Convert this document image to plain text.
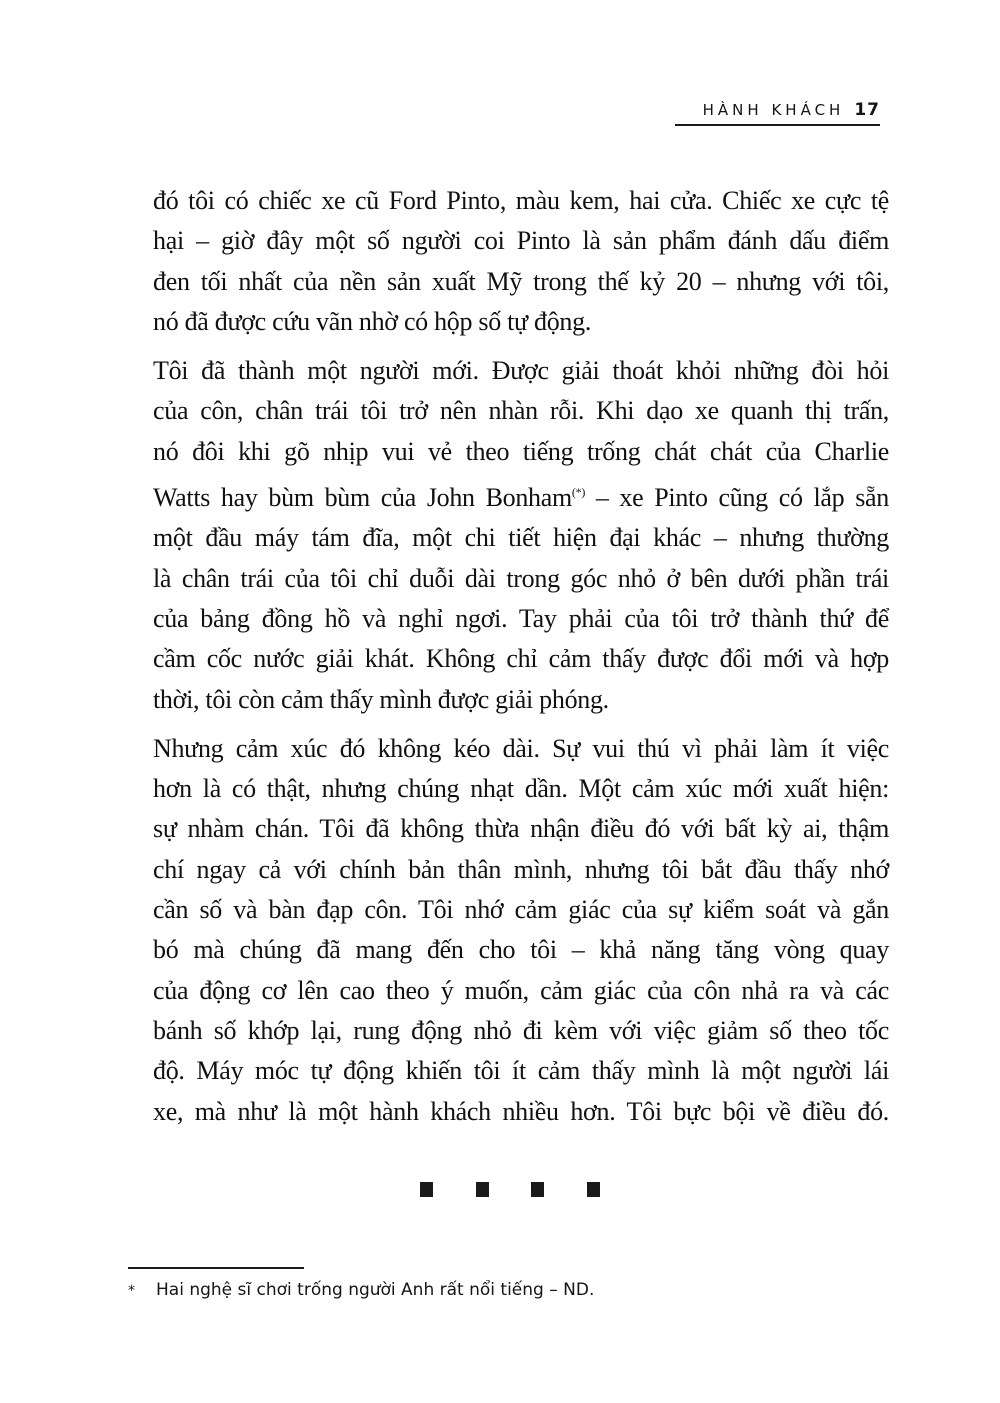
HÀNH KHÁCH 17
đó tôi có chiếc xe cũ Ford Pinto, màu kem, hai cửa. Chiếc xe cực tệ
hại – giờ đây một số người coi Pinto là sản phẩm đánh dấu điểm
đen tối nhất của nền sản xuất Mỹ trong thế kỷ 20 – nhưng với tôi,
nó đã được cứu vãn nhờ có hộp số tự động.
Tôi đã thành một người mới. Được giải thoát khỏi những đòi hỏi
của côn, chân trái tôi trở nên nhàn rỗi. Khi dạo xe quanh thị trấn,
nó đôi khi gõ nhịp vui vẻ theo tiếng trống chát chát của Charlie
Watts hay bùm bùm của John Bonham(*) – xe Pinto cũng có lắp sẵn
một đầu máy tám đĩa, một chi tiết hiện đại khác – nhưng thường
là chân trái của tôi chỉ duỗi dài trong góc nhỏ ở bên dưới phần trái
của bảng đồng hồ và nghỉ ngơi. Tay phải của tôi trở thành thứ để
cầm cốc nước giải khát. Không chỉ cảm thấy được đổi mới và hợp
thời, tôi còn cảm thấy mình được giải phóng.
Nhưng cảm xúc đó không kéo dài. Sự vui thú vì phải làm ít việc
hơn là có thật, nhưng chúng nhạt dần. Một cảm xúc mới xuất hiện:
sự nhàm chán. Tôi đã không thừa nhận điều đó với bất kỳ ai, thậm
chí ngay cả với chính bản thân mình, nhưng tôi bắt đầu thấy nhớ
cần số và bàn đạp côn. Tôi nhớ cảm giác của sự kiểm soát và gắn
bó mà chúng đã mang đến cho tôi – khả năng tăng vòng quay
của động cơ lên cao theo ý muốn, cảm giác của côn nhả ra và các
bánh số khớp lại, rung động nhỏ đi kèm với việc giảm số theo tốc
độ. Máy móc tự động khiến tôi ít cảm thấy mình là một người lái
xe, mà như là một hành khách nhiều hơn. Tôi bực bội về điều đó.
*	Hai nghệ sĩ chơi trống người Anh rất nổi tiếng – ND.
